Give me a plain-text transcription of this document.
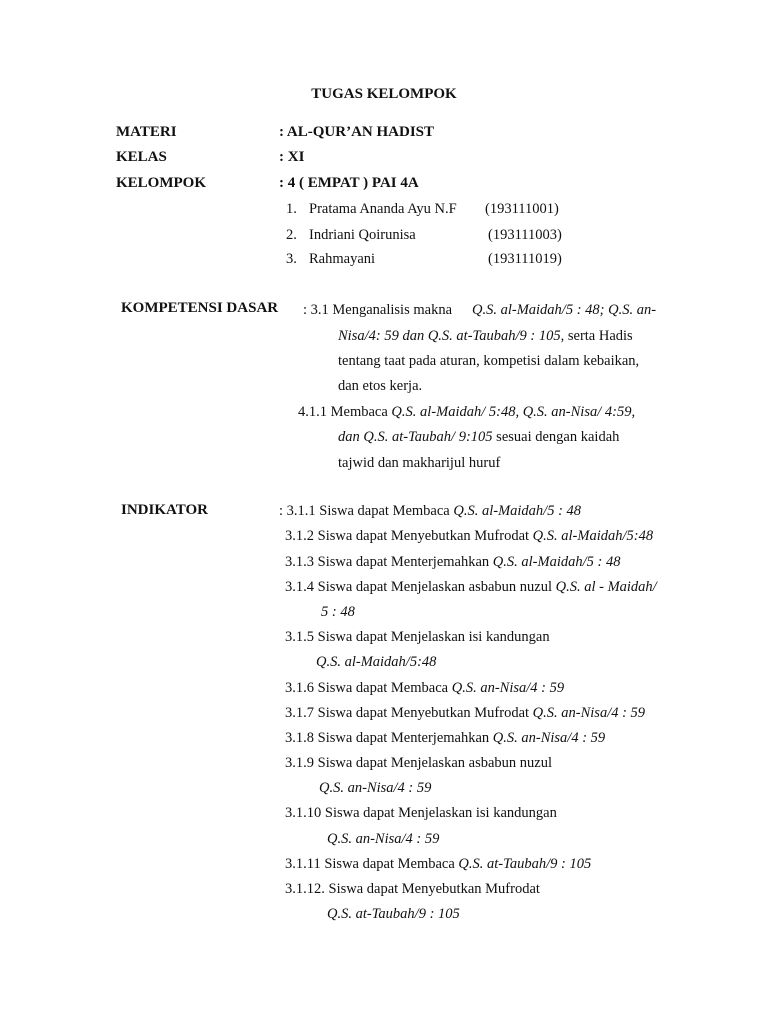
TUGAS KELOMPOK
MATERI	: AL-QUR’AN HADIST
KELAS	: XI
KELOMPOK	: 4 ( EMPAT ) PAI 4A
1. Pratama Ananda Ayu N.F (193111001)
2. Indriani Qoirunisa	(193111003)
3. Rahmayani	(193111019)
KOMPETENSI DASAR : 3.1 Menganalisis makna Q.S. al-Maidah/5 : 48; Q.S. an-
Nisa/4: 59 dan Q.S. at-Taubah/9 : 105, serta Hadis
tentang taat pada aturan, kompetisi dalam kebaikan,
dan etos kerja.
4.1.1 Membaca Q.S. al-Maidah/ 5:48, Q.S. an-Nisa/ 4:59,
dan Q.S. at-Taubah/ 9:105 sesuai dengan kaidah
tajwid dan makharijul huruf
INDIKATOR	: 3.1.1 Siswa dapat Membaca Q.S. al-Maidah/5 : 48
3.1.2 Siswa dapat Menyebutkan Mufrodat Q.S. al-Maidah/5:48
3.1.3 Siswa dapat Menterjemahkan Q.S. al-Maidah/5 : 48
3.1.4 Siswa dapat Menjelaskan asbabun nuzul Q.S. al - Maidah/
5 : 48
3.1.5 Siswa dapat Menjelaskan isi kandungan
Q.S. al-Maidah/5:48
3.1.6 Siswa dapat Membaca Q.S. an-Nisa/4 : 59
3.1.7 Siswa dapat Menyebutkan Mufrodat Q.S. an-Nisa/4 : 59
3.1.8 Siswa dapat Menterjemahkan Q.S. an-Nisa/4 : 59
3.1.9 Siswa dapat Menjelaskan asbabun nuzul
Q.S. an-Nisa/4 : 59
3.1.10 Siswa dapat Menjelaskan isi kandungan
Q.S. an-Nisa/4 : 59
3.1.11 Siswa dapat Membaca Q.S. at-Taubah/9 : 105
3.1.12. Siswa dapat Menyebutkan Mufrodat
Q.S. at-Taubah/9 : 105
